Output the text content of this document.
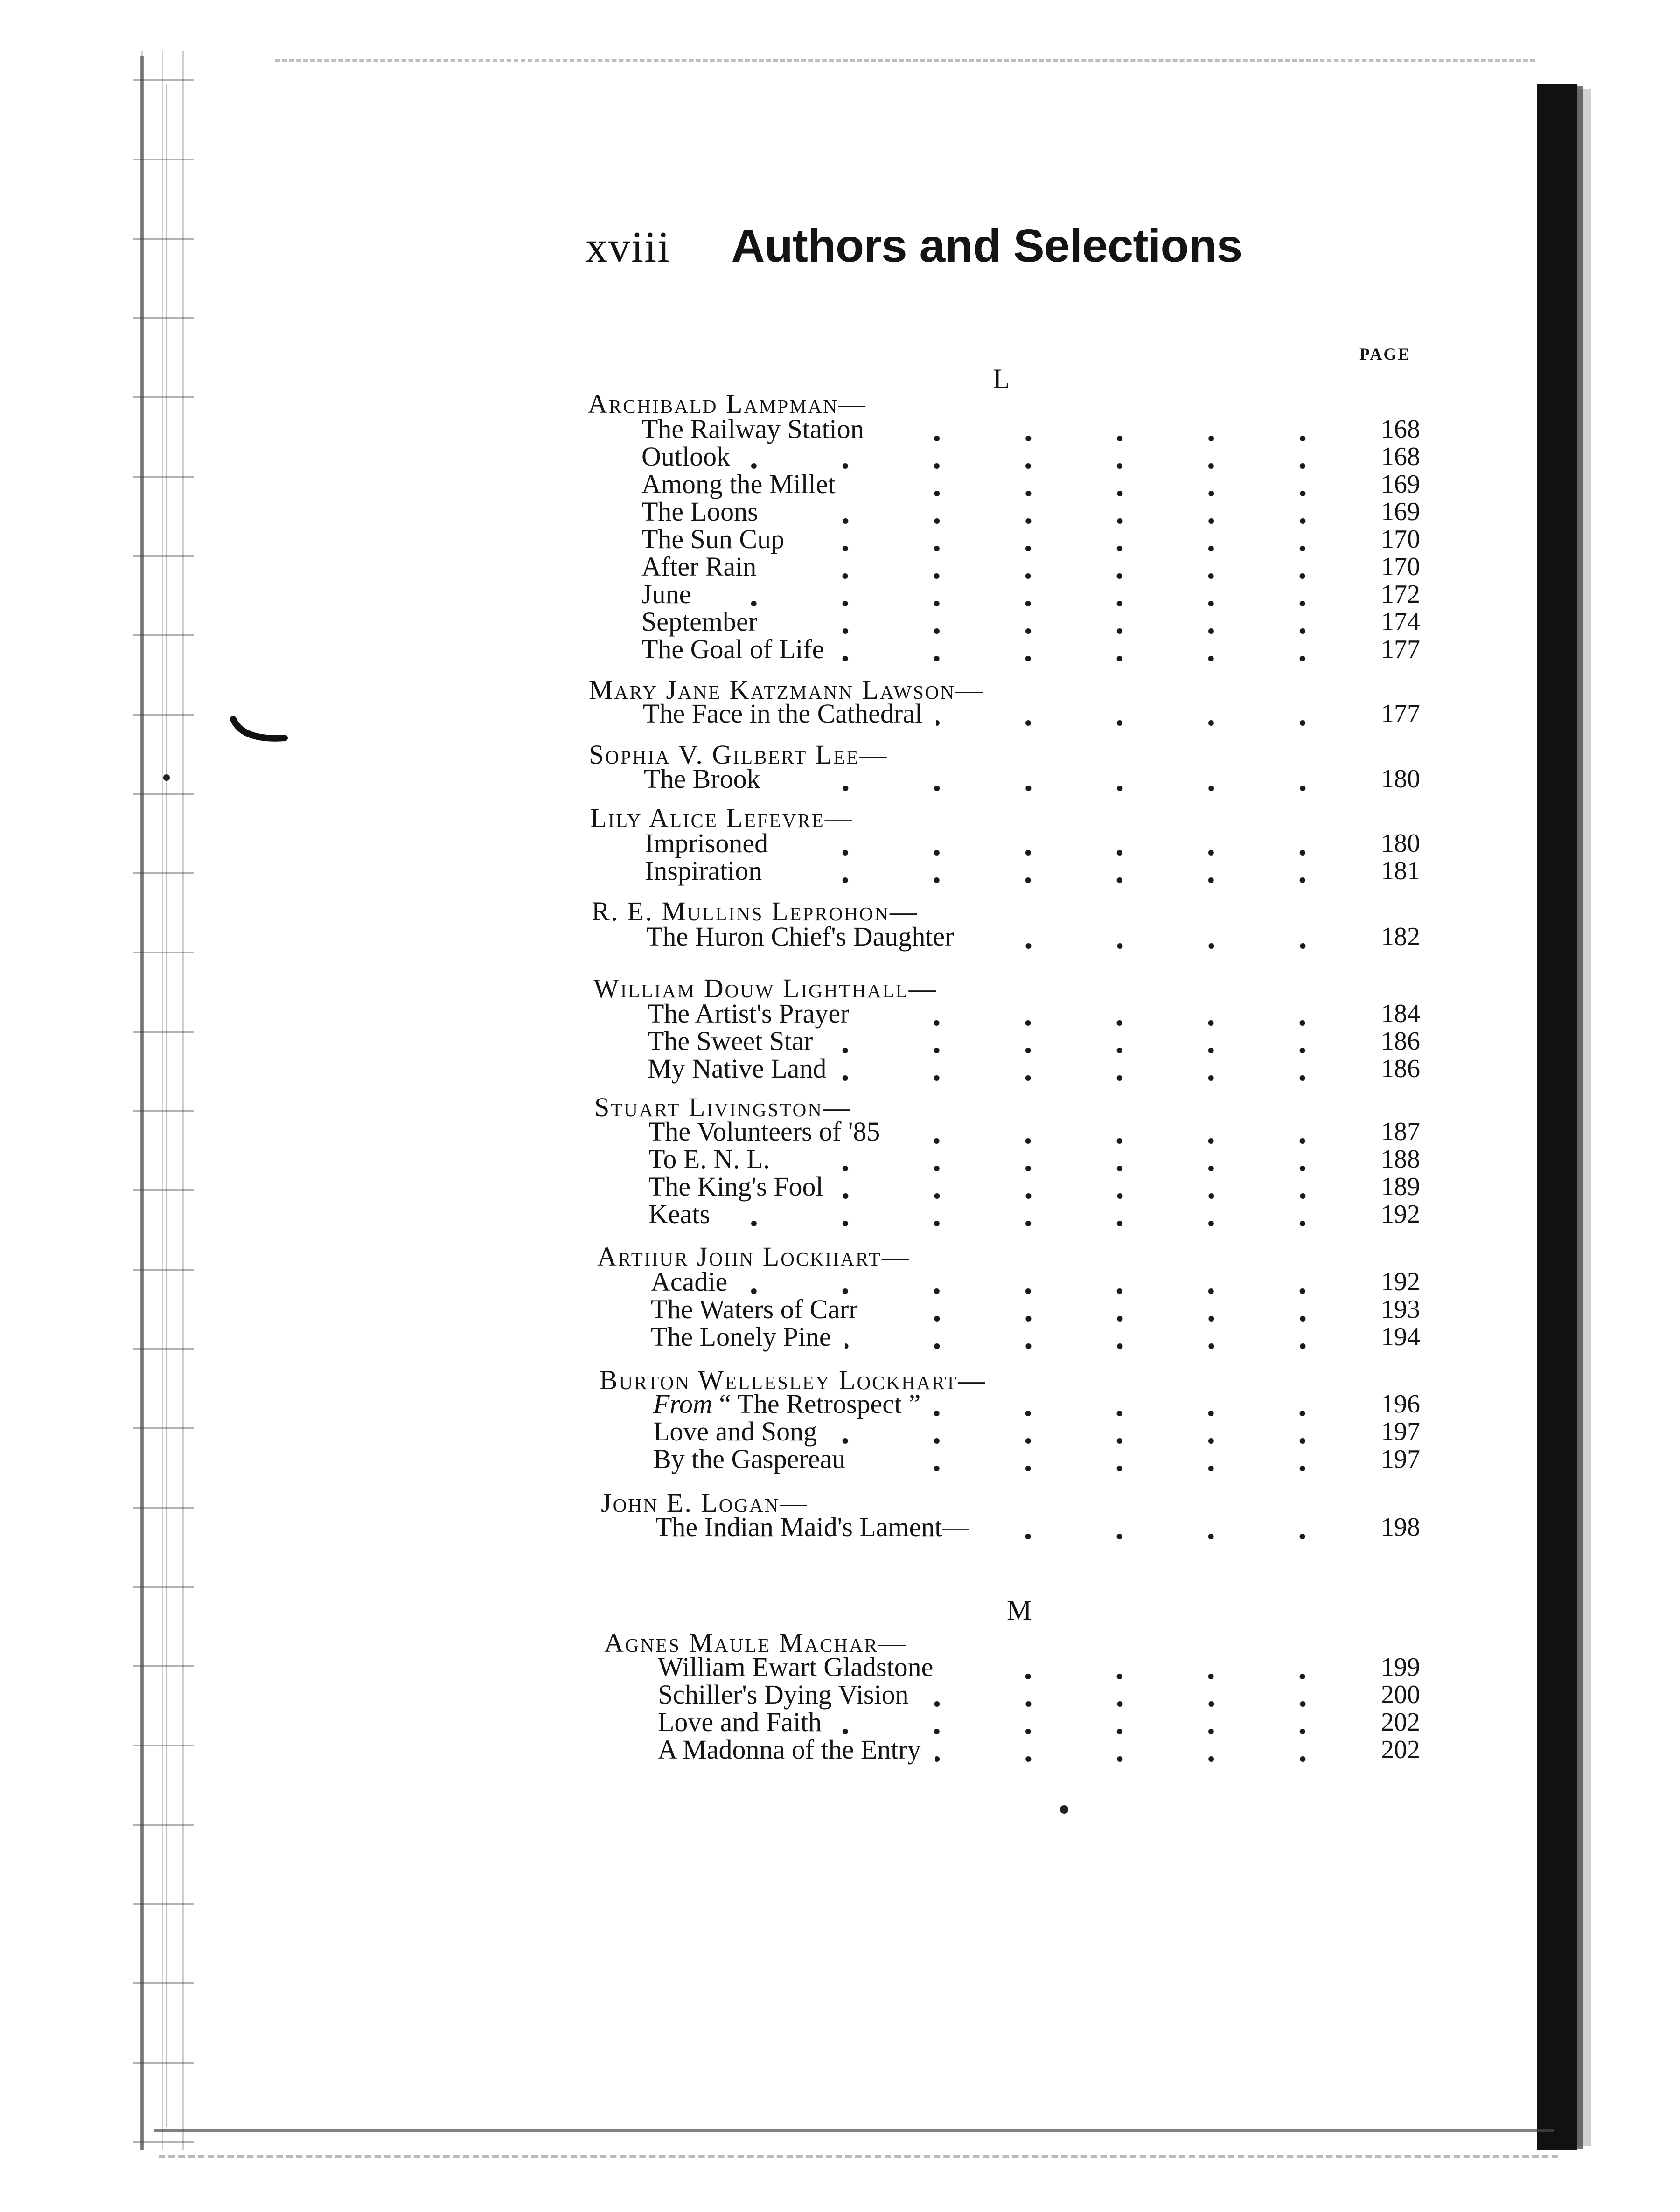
xviii Authors and Selections
PAGE
L
Archibald Lampman—
The Railway Station	168
Outlook	168
Among the Millet	169
The Loons	169
The Sun Cup	170
After Rain	170
June	172
September	174
The Goal of Life	177
Mary Jane Katzmann Lawson—
The Face in the Cathedral	177
Sophia V. Gilbert Lee—
The Brook	180
Lily Alice Lefevre—
Imprisoned	180
Inspiration	181
R. E. Mullins Leprohon—
The Huron Chief's Daughter	182
William Douw Lighthall—
The Artist's Prayer	184
The Sweet Star	186
My Native Land	186
Stuart Livingston—
The Volunteers of '85	187
To E. N. L.	188
The King's Fool	189
Keats	192
Arthur John Lockhart—
Acadie	192
The Waters of Carr	193
The Lonely Pine	194
Burton Wellesley Lockhart—
From “ The Retrospect ”	196
Love and Song	197
By the Gaspereau	197
John E. Logan—
The Indian Maid's Lament—	198
M
Agnes Maule Machar—
William Ewart Gladstone	199
Schiller's Dying Vision	200
Love and Faith	202
A Madonna of the Entry	202
